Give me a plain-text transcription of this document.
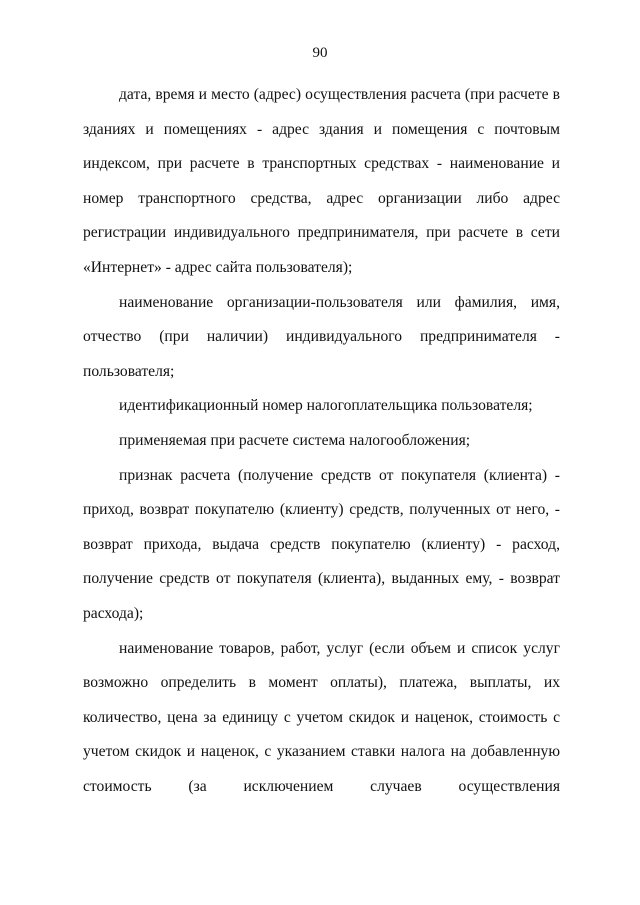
90

дата, время и место (адрес) осуществления расчета (при расчете в зданиях и помещениях - адрес здания и помещения с почтовым индексом, при расчете в транспортных средствах - наименование и номер транспортного средства, адрес организации либо адрес регистрации индивидуального предпринимателя, при расчете в сети «Интернет» - адрес сайта пользователя);

наименование организации-пользователя или фамилия, имя, отчество (при наличии) индивидуального предпринимателя - пользователя;

идентификационный номер налогоплательщика пользователя;

применяемая при расчете система налогообложения;

признак расчета (получение средств от покупателя (клиента) - приход, возврат покупателю (клиенту) средств, полученных от него, - возврат прихода, выдача средств покупателю (клиенту) - расход, получение средств от покупателя (клиента), выданных ему, - возврат расхода);

наименование товаров, работ, услуг (если объем и список услуг возможно определить в момент оплаты), платежа, выплаты, их количество, цена за единицу с учетом скидок и наценок, стоимость с учетом скидок и наценок, с указанием ставки налога на добавленную стоимость (за исключением случаев осуществления
